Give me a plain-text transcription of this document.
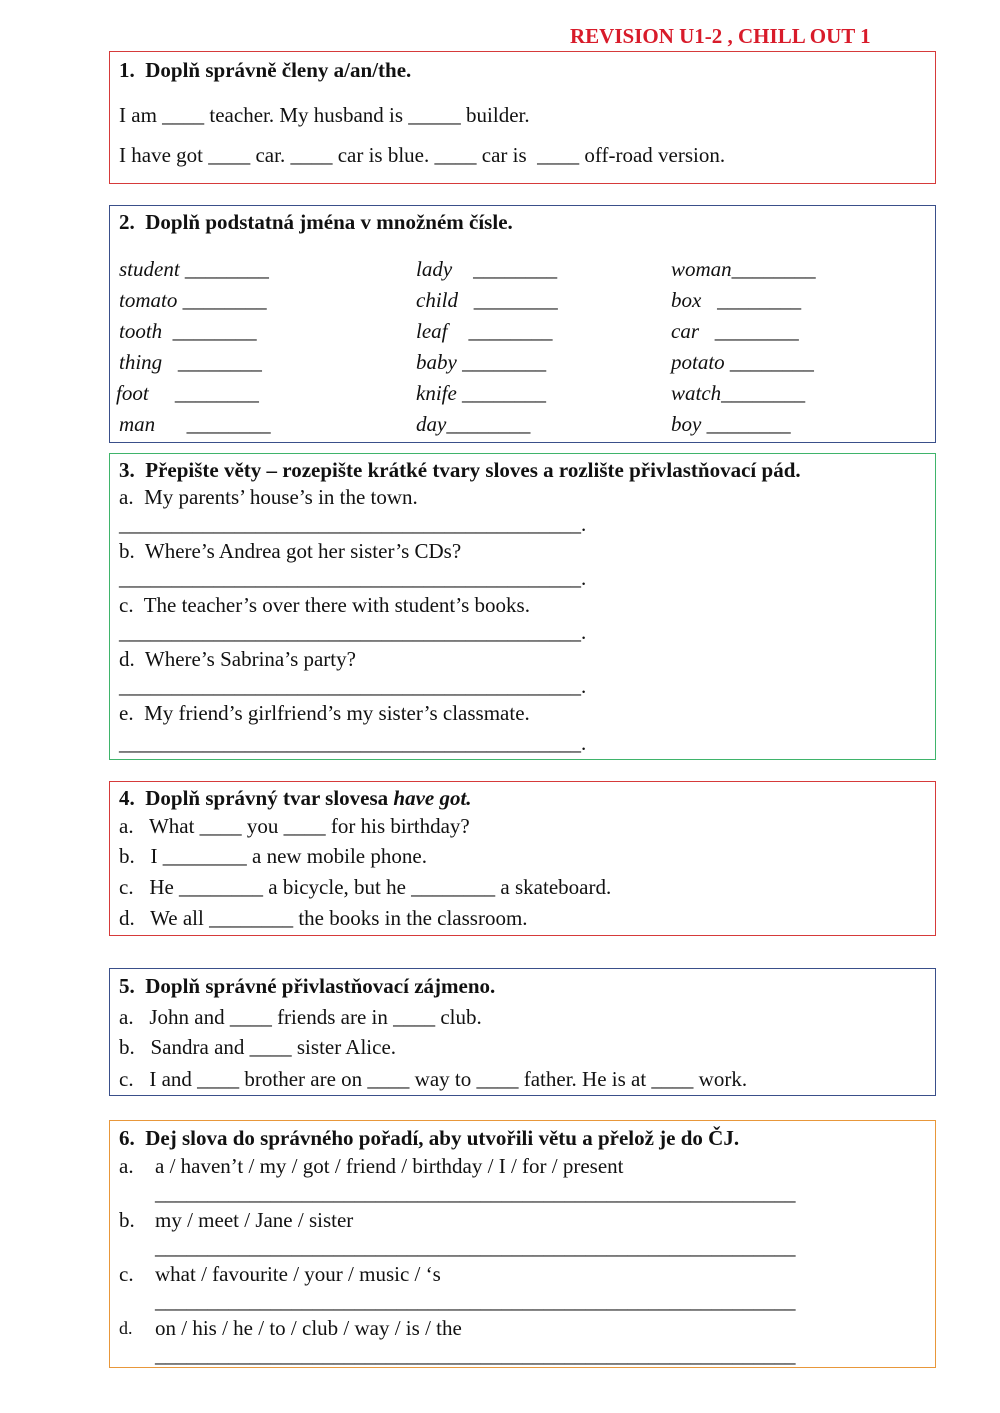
REVISION U1-2 , CHILL OUT 1
1.  Doplň správně členy a/an/the.
I am ____ teacher. My husband is _____ builder.
I have got ____ car. ____ car is blue. ____ car is  ____ off-road version.
2.  Doplň podstatná jména v množném čísle.
student ________
tomato ________
tooth  ________
thing   ________
foot     ________
man      ________
lady    ________
child   ________
leaf    ________
baby ________
knife ________
day________
woman________
box   ________
car   ________
potato ________
watch________
boy ________
3.  Přepište věty – rozepište krátké tvary sloves a rozlište přivlastňovací pád.
a.  My parents’ house’s in the town.
____________________________________________.
b.  Where’s Andrea got her sister’s CDs?
____________________________________________.
c.  The teacher’s over there with student’s books.
____________________________________________.
d.  Where’s Sabrina’s party?
____________________________________________.
e.  My friend’s girlfriend’s my sister’s classmate.
____________________________________________.
4.  Doplň správný tvar slovesa have got.
a.   What ____ you ____ for his birthday?
b.   I ________ a new mobile phone.
c.   He ________ a bicycle, but he ________ a skateboard.
d.   We all ________ the books in the classroom.
5.  Doplň správné přivlastňovací zájmeno.
a.   John and ____ friends are in ____ club.
b.   Sandra and ____ sister Alice.
c.   I and ____ brother are on ____ way to ____ father. He is at ____ work.
6.  Dej slova do správného pořadí, aby utvořili větu a přelož je do ČJ.
a. a / haven’t / my / got / friend / birthday / I / for / present
_____________________________________________________________
b. my / meet / Jane / sister
_____________________________________________________________
c. what / favourite / your / music / ‘s
_____________________________________________________________
d. on / his / he / to / club / way / is / the
_____________________________________________________________
